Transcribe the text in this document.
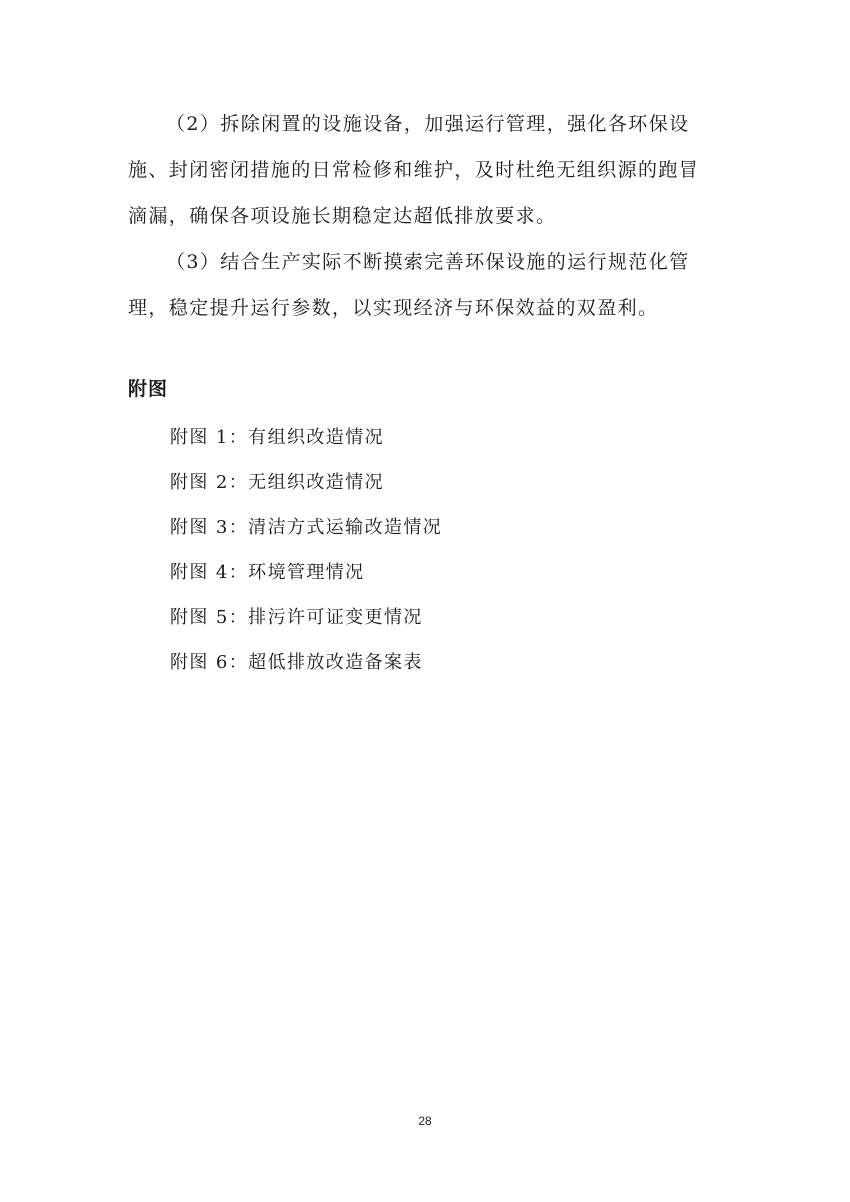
（2）拆除闲置的设施设备，加强运行管理，强化各环保设施、封闭密闭措施的日常检修和维护，及时杜绝无组织源的跑冒滴漏，确保各项设施长期稳定达超低排放要求。

（3）结合生产实际不断摸索完善环保设施的运行规范化管理，稳定提升运行参数，以实现经济与环保效益的双盈利。

附图
附图 1：有组织改造情况
附图 2：无组织改造情况
附图 3：清洁方式运输改造情况
附图 4：环境管理情况
附图 5：排污许可证变更情况
附图 6：超低排放改造备案表
28
